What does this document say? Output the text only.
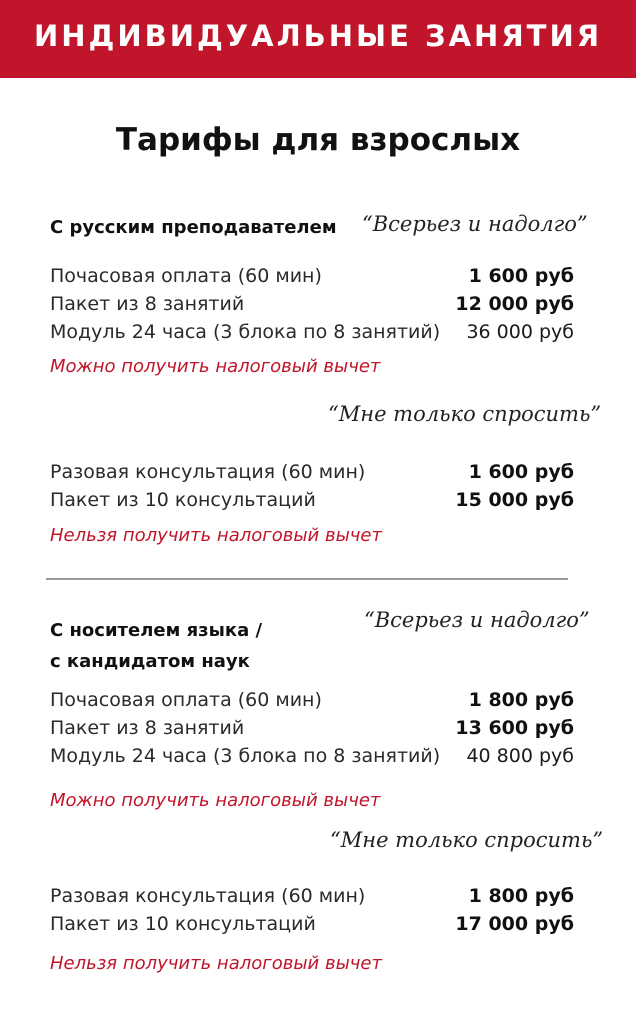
ИНДИВИДУАЛЬНЫЕ ЗАНЯТИЯ
Тарифы для взрослых
С русским преподавателем “Всерьез и надолго”
Почасовая оплата (60 мин)	1 600 руб
Пакет из 8 занятий	12 000 руб
Модуль 24 часа (3 блока по 8 занятий) 36 000 руб
Можно получить налоговый вычет
“Мне только спросить”
Разовая консультация (60 мин)	1 600 руб
Пакет из 10 консультаций	15 000 руб
Нельзя получить налоговый вычет
С носителем языка /
с кандидатом наук
“Всерьез и надолго”
Почасовая оплата (60 мин)	1 800 руб
Пакет из 8 занятий	13 600 руб
Модуль 24 часа (3 блока по 8 занятий) 40 800 руб
Можно получить налоговый вычет
“Мне только спросить”
Разовая консультация (60 мин)	1 800 руб
Пакет из 10 консультаций	17 000 руб
Нельзя получить налоговый вычет
